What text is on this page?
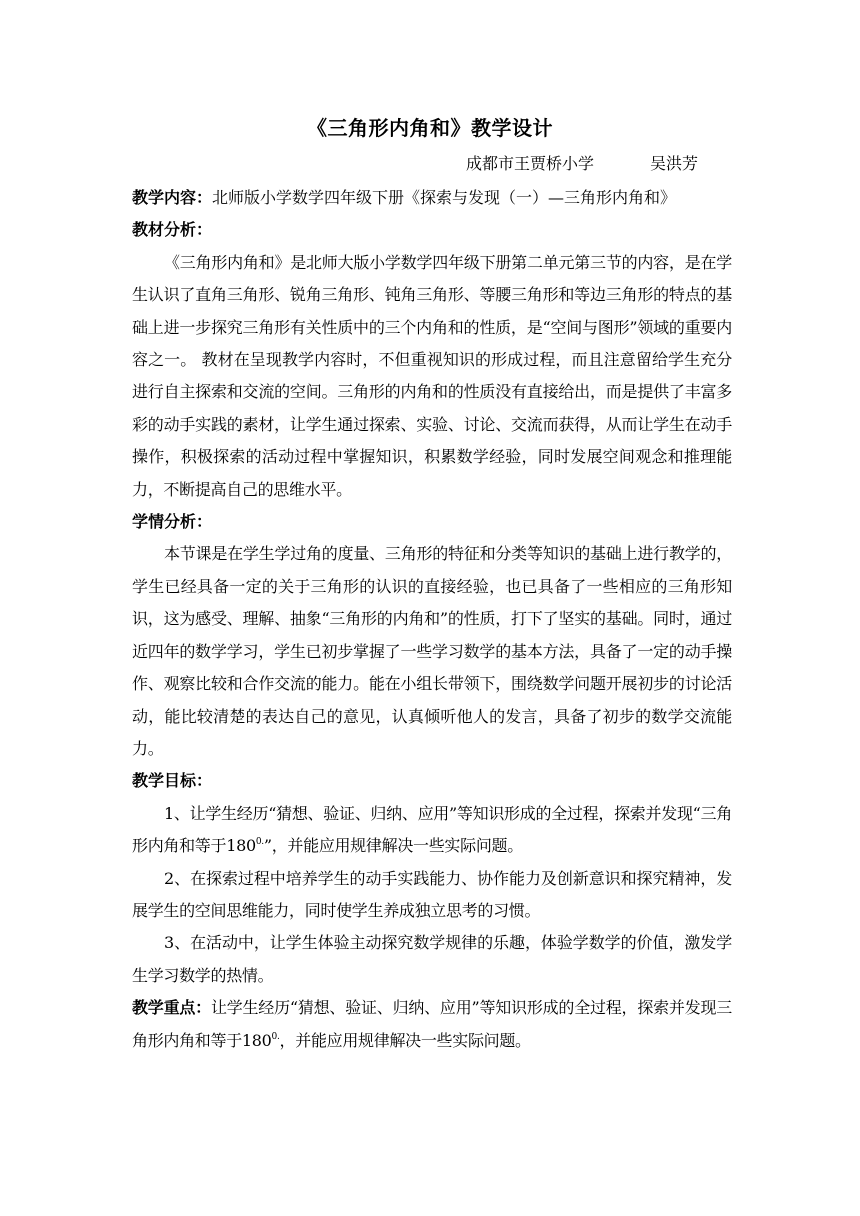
《三角形内角和》教学设计
成都市王贾桥小学	吴洪芳

教学内容：北师版小学数学四年级下册《探索与发现（一）—三角形内角和》

教材分析：

《三角形内角和》是北师大版小学数学四年级下册第二单元第三节的内容，是在学生认识了直角三角形、锐角三角形、钝角三角形、等腰三角形和等边三角形的特点的基础上进一步探究三角形有关性质中的三个内角和的性质，是“空间与图形”领域的重要内容之一。 教材在呈现教学内容时，不但重视知识的形成过程，而且注意留给学生充分进行自主探索和交流的空间。三角形的内角和的性质没有直接给出，而是提供了丰富多彩的动手实践的素材，让学生通过探索、实验、讨论、交流而获得，从而让学生在动手操作，积极探索的活动过程中掌握知识，积累数学经验，同时发展空间观念和推理能力，不断提高自己的思维水平。

学情分析：

本节课是在学生学过角的度量、三角形的特征和分类等知识的基础上进行教学的，学生已经具备一定的关于三角形的认识的直接经验，也已具备了一些相应的三角形知识，这为感受、理解、抽象“三角形的内角和”的性质，打下了坚实的基础。同时，通过近四年的数学学习，学生已初步掌握了一些学习数学的基本方法，具备了一定的动手操作、观察比较和合作交流的能力。能在小组长带领下，围绕数学问题开展初步的讨论活动，能比较清楚的表达自己的意见，认真倾听他人的发言，具备了初步的数学交流能力。

教学目标：

1、让学生经历“猜想、验证、归纳、应用”等知识形成的全过程，探索并发现“三角形内角和等于$180^{0.}$”，并能应用规律解决一些实际问题。

2、在探索过程中培养学生的动手实践能力、协作能力及创新意识和探究精神，发展学生的空间思维能力，同时使学生养成独立思考的习惯。

3、在活动中，让学生体验主动探究数学规律的乐趣，体验学数学的价值，激发学生学习数学的热情。

教学重点：让学生经历“猜想、验证、归纳、应用”等知识形成的全过程，探索并发现三角形内角和等于$180^{0.}$，并能应用规律解决一些实际问题。
